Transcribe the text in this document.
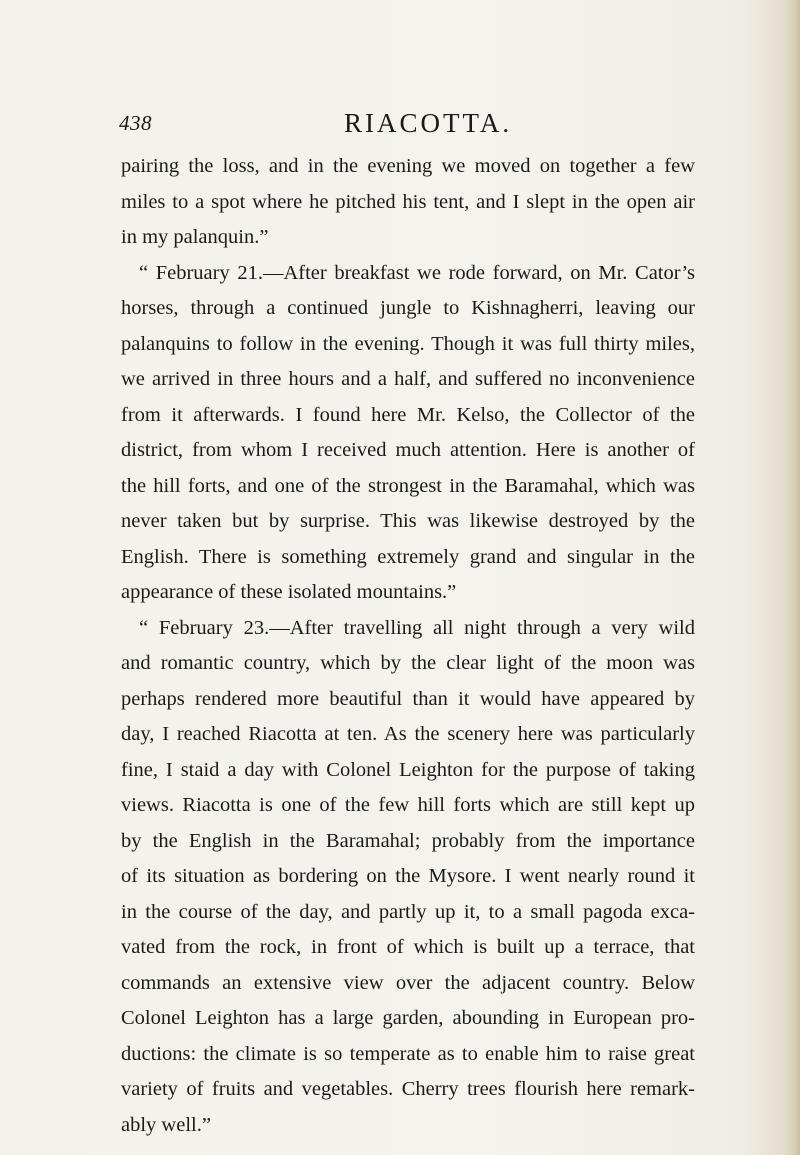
438	RIACOTTA.
pairing the loss, and in the evening we moved on together a few
miles to a spot where he pitched his tent, and I slept in the open air
in my palanquin.”
“ February 21.—After breakfast we rode forward, on Mr. Cator’s
horses, through a continued jungle to Kishnagherri, leaving our
palanquins to follow in the evening. Though it was full thirty miles,
we arrived in three hours and a half, and suffered no inconvenience
from it afterwards. I found here Mr. Kelso, the Collector of the
district, from whom I received much attention. Here is another of
the hill forts, and one of the strongest in the Baramahal, which was
never taken but by surprise. This was likewise destroyed by the
English. There is something extremely grand and singular in the
appearance of these isolated mountains.”
“ February 23.—After travelling all night through a very wild
and romantic country, which by the clear light of the moon was
perhaps rendered more beautiful than it would have appeared by
day, I reached Riacotta at ten. As the scenery here was particularly
fine, I staid a day with Colonel Leighton for the purpose of taking
views. Riacotta is one of the few hill forts which are still kept up
by the English in the Baramahal; probably from the importance
of its situation as bordering on the Mysore. I went nearly round it
in the course of the day, and partly up it, to a small pagoda exca-
vated from the rock, in front of which is built up a terrace, that
commands an extensive view over the adjacent country. Below
Colonel Leighton has a large garden, abounding in European pro-
ductions: the climate is so temperate as to enable him to raise great
variety of fruits and vegetables. Cherry trees flourish here remark-
ably well.”
